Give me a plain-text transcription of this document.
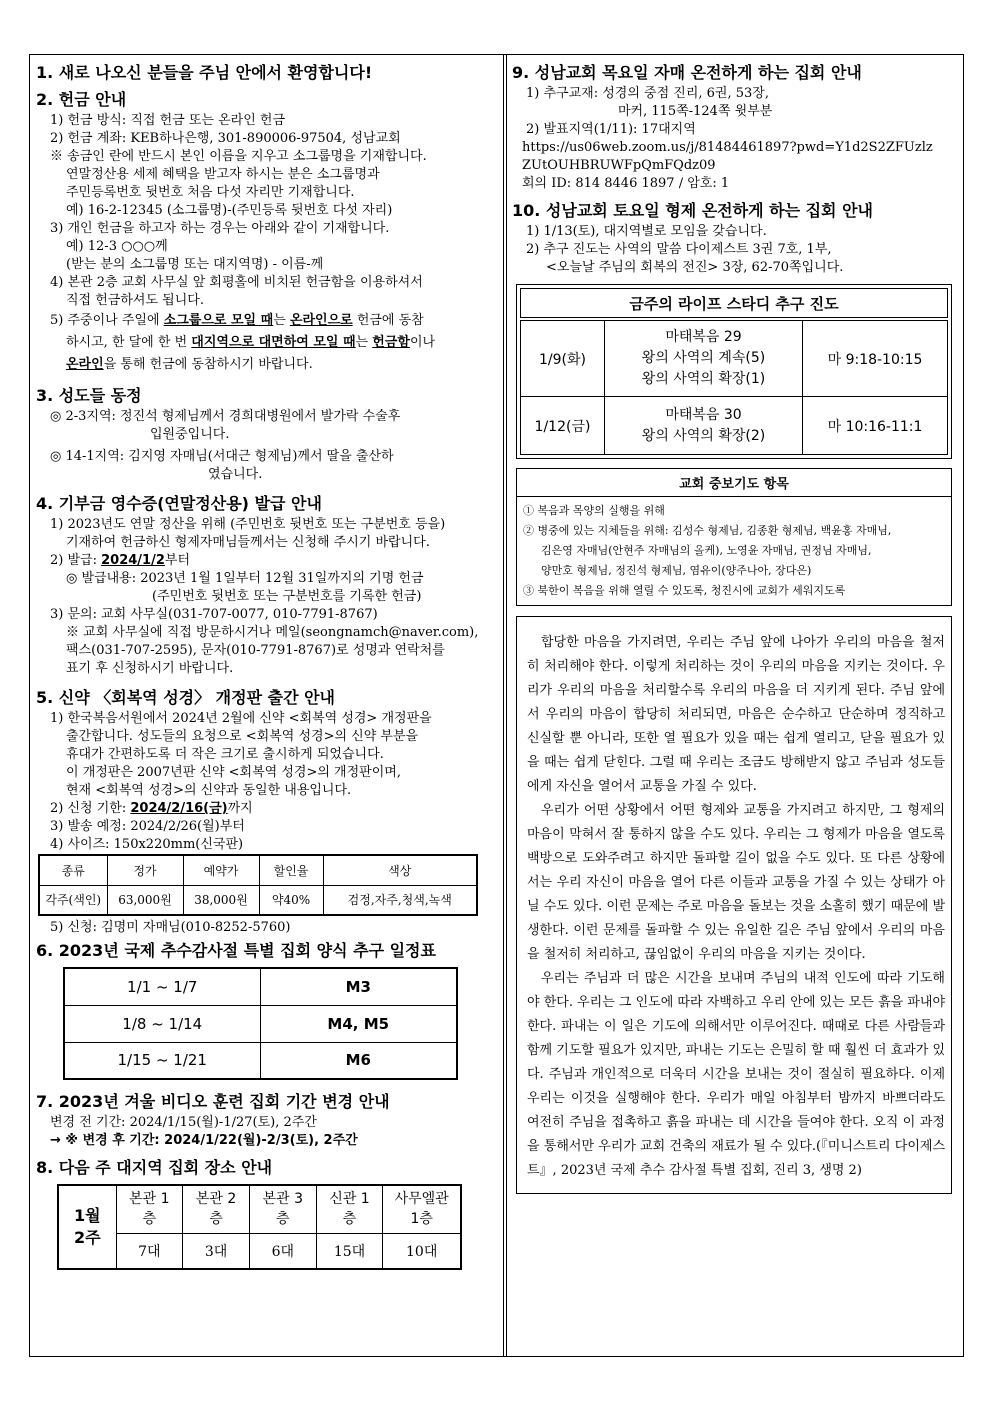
1. 새로 나오신 분들을 주님 안에서 환영합니다!
2. 헌금 안내
1) 헌금 방식: 직접 헌금 또는 온라인 헌금
2) 헌금 계좌: KEB하나은행, 301-890006-97504, 성남교회
※ 송금인 란에 반드시 본인 이름을 지우고 소그룹명을 기재합니다.
연말정산용 세제 혜택을 받고자 하시는 분은 소그룹명과
주민등록번호 뒷번호 처음 다섯 자리만 기재합니다.
예) 16-2-12345 (소그룹명)-(주민등록 뒷번호 다섯 자리)
3) 개인 헌금을 하고자 하는 경우는 아래와 같이 기재합니다.
예) 12-3 ○○○께
(받는 분의 소그룹명 또는 대지역명) - 이름-께
4) 본관 2층 교회 사무실 앞 회평홀에 비치된 헌금함을 이용하셔서
직접 헌금하셔도 됩니다.
5) 주중이나 주일에 소그룹으로 모일 때는 온라인으로 헌금에 동참
하시고, 한 달에 한 번 대지역으로 대면하여 모일 때는 헌금함이나
온라인을 통해 헌금에 동참하시기 바랍니다.
3. 성도들 동정
◎ 2-3지역: 정진석 형제님께서 경희대병원에서 발가락 수술후
입원중입니다.
◎ 14-1지역: 김지영 자매님(서대근 형제님)께서 딸을 출산하
였습니다.
4. 기부금 영수증(연말정산용) 발급 안내
1) 2023년도 연말 정산을 위해 (주민번호 뒷번호 또는 구분번호 등을)
기재하여 헌금하신 형제자매님들께서는 신청해 주시기 바랍니다.
2) 발급: 2024/1/2부터
◎ 발급내용: 2023년 1월 1일부터 12월 31일까지의 기명 헌금
(주민번호 뒷번호 또는 구분번호를 기록한 헌금)
3) 문의: 교회 사무실(031-707-0077, 010-7791-8767)
※ 교회 사무실에 직접 방문하시거나 메일(seongnamch@naver.com),
팩스(031-707-2595), 문자(010-7791-8767)로 성명과 연락처를
표기 후 신청하시기 바랍니다.
5. 신약 〈회복역 성경〉 개정판 출간 안내
1) 한국복음서원에서 2024년 2월에 신약 <회복역 성경> 개정판을
출간합니다. 성도들의 요청으로 <회복역 성경>의 신약 부분을
휴대가 간편하도록 더 작은 크기로 출시하게 되었습니다.
이 개정판은 2007년판 신약 <회복역 성경>의 개정판이며,
현재 <회복역 성경>의 신약과 동일한 내용입니다.
2) 신청 기한: 2024/2/16(금)까지
3) 발송 예정: 2024/2/26(월)부터
4) 사이즈: 150x220mm(신국판)
종류	정가	예약가	할인율	색상
각주(색인)	63,000원	38,000원	약40%	검정,자주,청색,녹색
5) 신청: 김명미 자매님(010-8252-5760)
6. 2023년 국제 추수감사절 특별 집회 양식 추구 일정표
1/1 ~ 1/7	M3
1/8 ~ 1/14	M4, M5
1/15 ~ 1/21	M6
7. 2023년 겨울 비디오 훈련 집회 기간 변경 안내
변경 전 기간: 2024/1/15(월)-1/27(토), 2주간
→ ※ 변경 후 기간: 2024/1/22(월)-2/3(토), 2주간
8. 다음 주 대지역 집회 장소 안내
1월 2주	본관 1층	본관 2층	본관 3층	신관 1층	사무엘관 1층
	7대	3대	6대	15대	10대
9. 성남교회 목요일 자매 온전하게 하는 집회 안내
1) 추구교재: 성경의 중점 진리, 6권, 53장,
마커, 115쪽-124쪽 윗부분
2) 발표지역(1/11): 17대지역
https://us06web.zoom.us/j/81484461897?pwd=Y1d2S2ZFUzlz
ZUtOUHBRUWFpQmFQdz09
회의 ID: 814 8446 1897 / 암호: 1
10. 성남교회 토요일 형제 온전하게 하는 집회 안내
1) 1/13(토), 대지역별로 모임을 갖습니다.
2) 추구 진도는 사역의 말씀 다이제스트 3권 7호, 1부,
<오늘날 주님의 회복의 전진> 3장, 62-70쪽입니다.
금주의 라이프 스타디 추구 진도
1/9(화)	마태복음 29
왕의 사역의 계속(5)
왕의 사역의 확장(1)	마 9:18-10:15
1/12(금)	마태복음 30
왕의 사역의 확장(2)	마 10:16-11:1
교회 중보기도 항목
① 복음과 목양의 실행을 위해
② 병중에 있는 지체들을 위해: 김성수 형제님, 김종환 형제님, 백윤홍 자매님,
김은영 자매님(안현주 자매님의 올케), 노영윤 자매님, 권정님 자매님,
양만호 형제님, 정진석 형제님, 염유이(양주나아, 장다은)
③ 북한이 복음을 위해 열릴 수 있도록, 청진시에 교회가 세워지도록

합당한 마음을 가지려면, 우리는 주님 앞에 나아가 우리의 마음을 철저히 처리해야 한다. 이렇게 처리하는 것이 우리의 마음을 지키는 것이다. 우리가 우리의 마음을 처리할수록 우리의 마음을 더 지키게 된다. 주님 앞에서 우리의 마음이 합당히 처리되면, 마음은 순수하고 단순하며 정직하고 신실할 뿐 아니라, 또한 열 필요가 있을 때는 쉽게 열리고, 닫을 필요가 있을 때는 쉽게 닫힌다. 그럴 때 우리는 조금도 방해받지 않고 주님과 성도들에게 자신을 열어서 교통을 가질 수 있다.

우리가 어떤 상황에서 어떤 형제와 교통을 가지려고 하지만, 그 형제의 마음이 막혀서 잘 통하지 않을 수도 있다. 우리는 그 형제가 마음을 열도록 백방으로 도와주려고 하지만 돌파할 길이 없을 수도 있다. 또 다른 상황에서는 우리 자신이 마음을 열어 다른 이들과 교통을 가질 수 있는 상태가 아닐 수도 있다. 이런 문제는 주로 마음을 돌보는 것을 소홀히 했기 때문에 발생한다. 이런 문제를 돌파할 수 있는 유일한 길은 주님 앞에서 우리의 마음을 철저히 처리하고, 끊임없이 우리의 마음을 지키는 것이다.

우리는 주님과 더 많은 시간을 보내며 주님의 내적 인도에 따라 기도해야 한다. 우리는 그 인도에 따라 자백하고 우리 안에 있는 모든 흙을 파내야 한다. 파내는 이 일은 기도에 의해서만 이루어진다. 때때로 다른 사람들과 함께 기도할 필요가 있지만, 파내는 기도는 은밀히 할 때 훨씬 더 효과가 있다. 주님과 개인적으로 더욱더 시간을 보내는 것이 절실히 필요하다. 이제 우리는 이것을 실행해야 한다. 우리가 매일 아침부터 밤까지 바쁘더라도 여전히 주님을 접촉하고 흙을 파내는 데 시간을 들여야 한다. 오직 이 과정을 통해서만 우리가 교회 건축의 재료가 될 수 있다.(『미니스트리 다이제스트』, 2023년 국제 추수 감사절 특별 집회, 진리 3, 생명 2)
